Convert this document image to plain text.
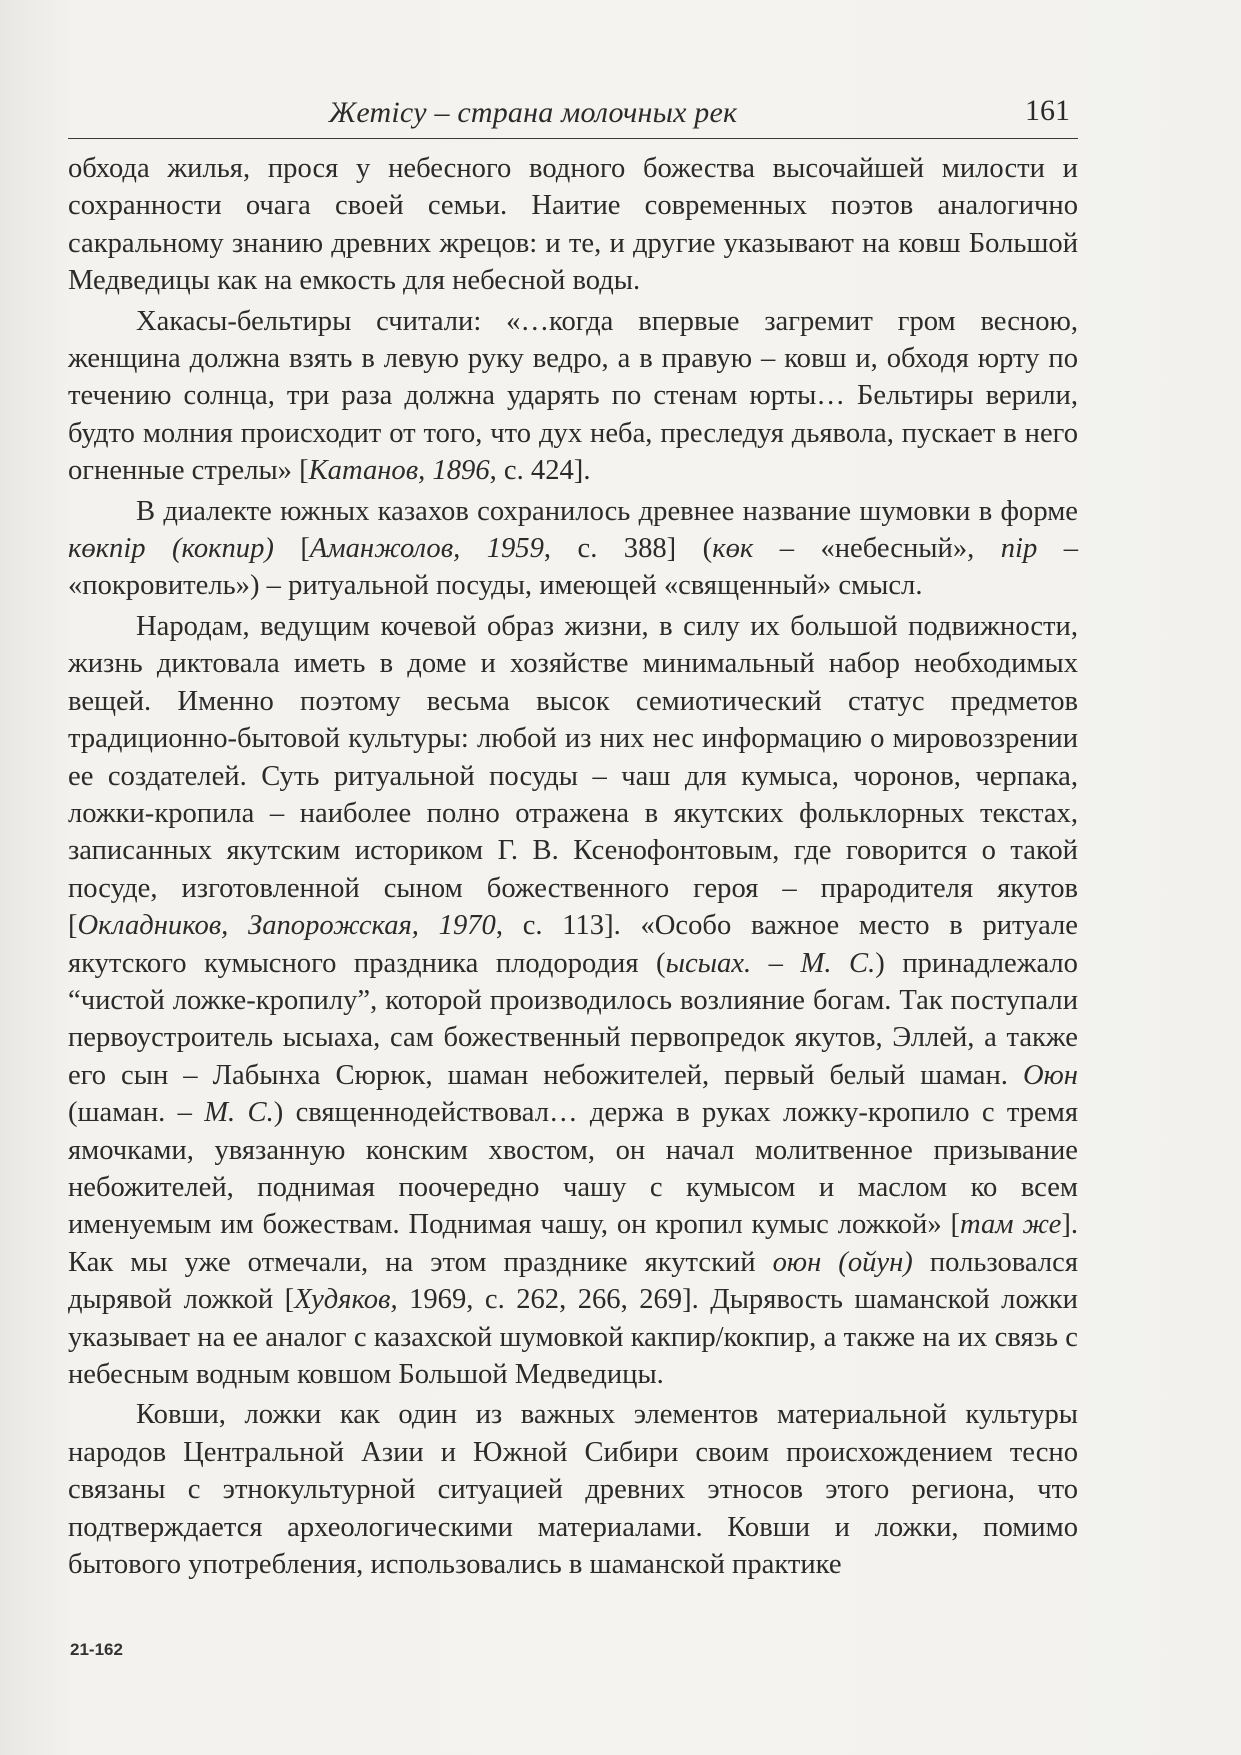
Жетісу – страна молочных рек	161

обхода жилья, прося у небесного водного божества высочайшей милости и сохранности очага своей семьи. Наитие современных поэтов аналогично сакральному знанию древних жрецов: и те, и другие указывают на ковш Большой Медведицы как на емкость для небесной воды.

Хакасы-бельтиры считали: «…когда впервые загремит гром весною, женщина должна взять в левую руку ведро, а в правую – ковш и, обходя юрту по течению солнца, три раза должна ударять по стенам юрты… Бельтиры верили, будто молния происходит от того, что дух неба, преследуя дьявола, пускает в него огненные стрелы» [Катанов, 1896, с. 424].

В диалекте южных казахов сохранилось древнее название шумовки в форме көкпір (кокпир) [Аманжолов, 1959, с. 388] (көк – «небесный», пір – «покровитель») – ритуальной посуды, имеющей «священный» смысл.

Народам, ведущим кочевой образ жизни, в силу их большой подвижности, жизнь диктовала иметь в доме и хозяйстве минимальный набор необходимых вещей. Именно поэтому весьма высок семиотический статус предметов традиционно-бытовой культуры: любой из них нес информацию о мировоззрении ее создателей. Суть ритуальной посуды – чаш для кумыса, чоронов, черпака, ложки-кропила – наиболее полно отражена в якутских фольклорных текстах, записанных якутским историком Г. В. Ксенофонтовым, где говорится о такой посуде, изготовленной сыном божественного героя – прародителя якутов [Окладников, Запорожская, 1970, с. 113]. «Особо важное место в ритуале якутского кумысного праздника плодородия (ысыах. – М. С.) принадлежало “чистой ложке-кропилу”, которой производилось возлияние богам. Так поступали первоустроитель ысыаха, сам божественный первопредок якутов, Эллей, а также его сын – Лабынха Сюрюк, шаман небожителей, первый белый шаман. Оюн (шаман. – М. С.) священнодействовал… держа в руках ложку-кропило с тремя ямочками, увязанную конским хвостом, он начал молитвенное призывание небожителей, поднимая поочередно чашу с кумысом и маслом ко всем именуемым им божествам. Поднимая чашу, он кропил кумыс ложкой» [там же]. Как мы уже отмечали, на этом празднике якутский оюн (ойун) пользовался дырявой ложкой [Худяков, 1969, с. 262, 266, 269]. Дырявость шаманской ложки указывает на ее аналог с казахской шумовкой какпир/кокпир, а также на их связь с небесным водным ковшом Большой Медведицы.

Ковши, ложки как один из важных элементов материальной культуры народов Центральной Азии и Южной Сибири своим происхождением тесно связаны с этнокультурной ситуацией древних этносов этого региона, что подтверждается археологическими материалами. Ковши и ложки, помимо бытового употребления, использовались в шаманской практике

21-162
